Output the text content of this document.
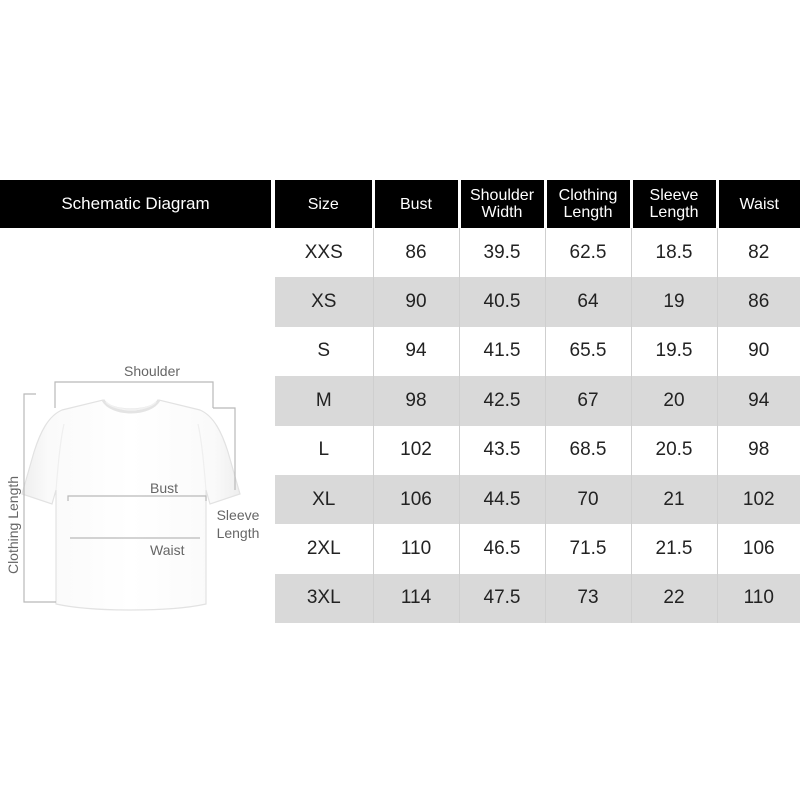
Schematic Diagram
Shoulder
Bust
Waist
Sleeve Length
Clothing Length
Size	Bust	Shoulder Width	Clothing Length	Sleeve Length	Waist
XXS	86	39.5	62.5	18.5	82
XS	90	40.5	64	19	86
S	94	41.5	65.5	19.5	90
M	98	42.5	67	20	94
L	102	43.5	68.5	20.5	98
XL	106	44.5	70	21	102
2XL	110	46.5	71.5	21.5	106
3XL	114	47.5	73	22	110
